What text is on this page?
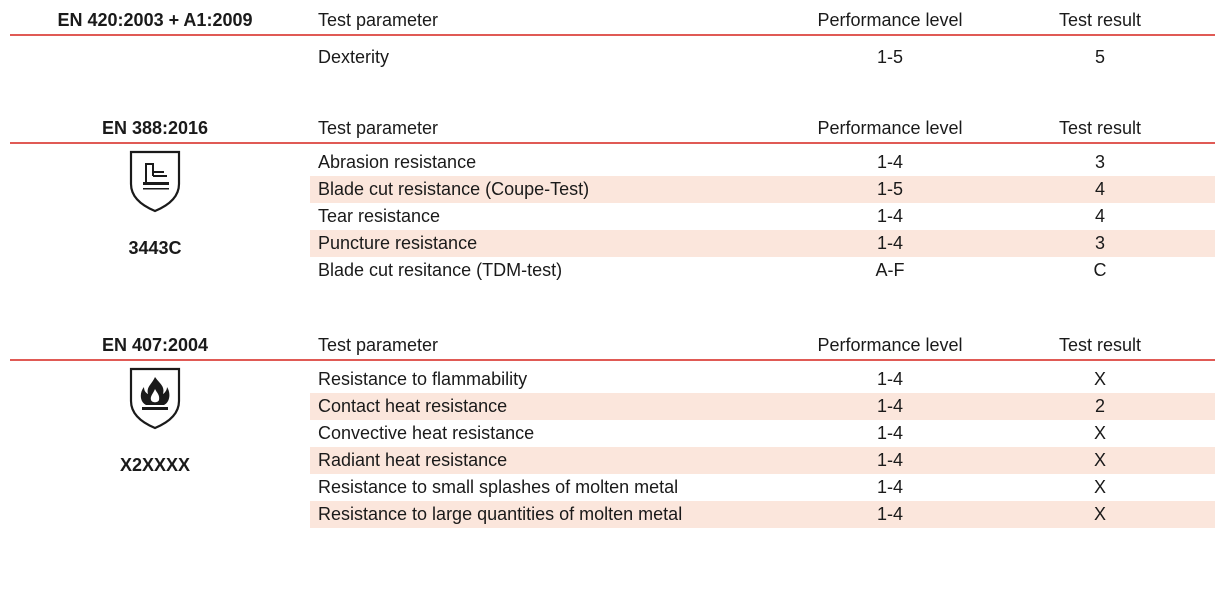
EN 420:2003 + A1:2009	Test parameter	Performance level	Test result
Dexterity	1-5	5
EN 388:2016	Test parameter	Performance level	Test result
3443C
Abrasion resistance	1-4	3
Blade cut resistance (Coupe-Test)	1-5	4
Tear resistance	1-4	4
Puncture resistance	1-4	3
Blade cut resitance (TDM-test)	A-F	C
EN 407:2004	Test parameter	Performance level	Test result
X2XXXX
Resistance to flammability	1-4	X
Contact heat resistance	1-4	2
Convective heat resistance	1-4	X
Radiant heat resistance	1-4	X
Resistance to small splashes of molten metal	1-4	X
Resistance to large quantities of molten metal	1-4	X
